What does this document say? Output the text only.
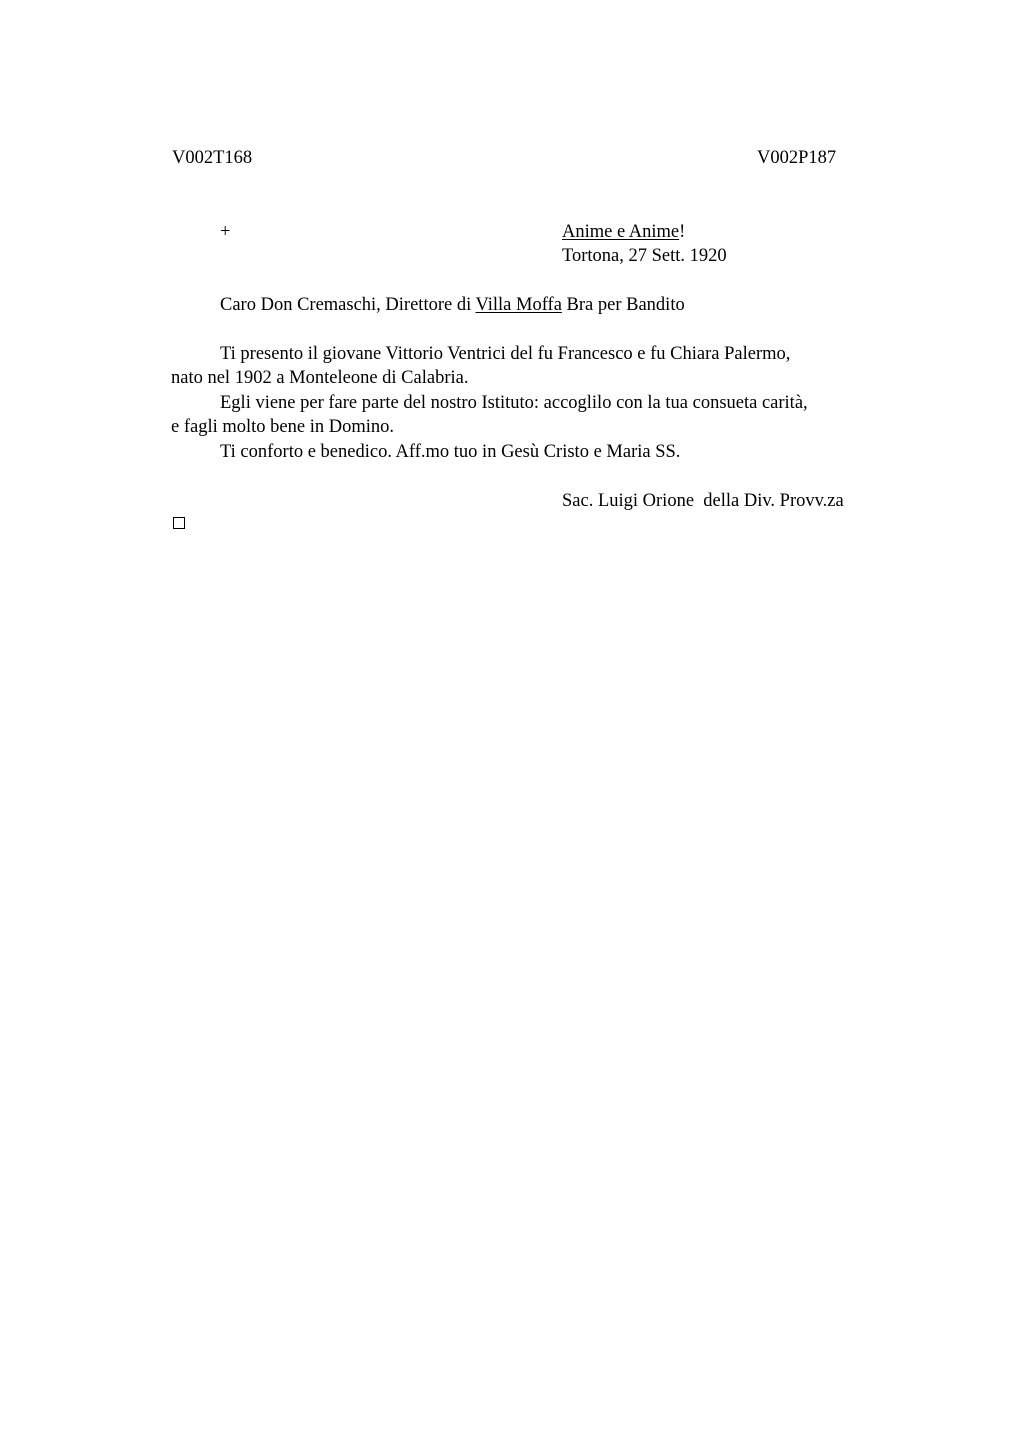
V002T168	V002P187
+	Anime e Anime!
Tortona, 27 Sett. 1920
Caro Don Cremaschi, Direttore di Villa Moffa Bra per Bandito
Ti presento il giovane Vittorio Ventrici del fu Francesco e fu Chiara Palermo,
nato nel 1902 a Monteleone di Calabria.
Egli viene per fare parte del nostro Istituto: accoglilo con la tua consueta carità,
e fagli molto bene in Domino.
Ti conforto e benedico. Aff.mo tuo in Gesù Cristo e Maria SS.
Sac. Luigi Orione  della Div. Provv.za
